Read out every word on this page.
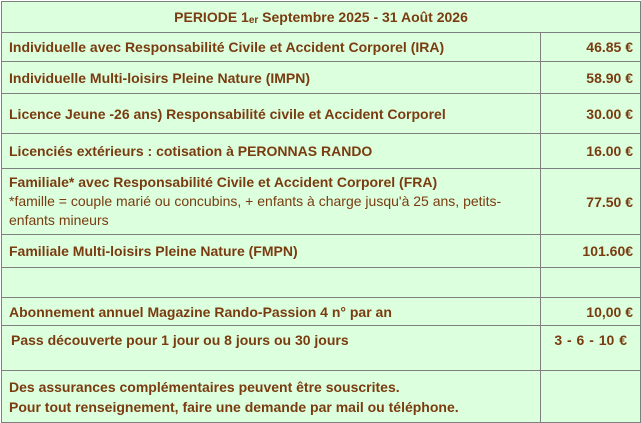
PERIODE $1_{er}$ Septembre 2025 - 31 Août 2026	
Individuelle avec Responsabilité Civile et Accident Corporel (IRA)	46.85 €
Individuelle Multi-loisirs Pleine Nature (IMPN)	58.90 €
Licence Jeune -26 ans) Responsabilité civile et Accident Corporel	30.00 €
Licenciés extérieurs : cotisation à PERONNAS RANDO	16.00 €

Familiale* avec Responsabilité Civile et Accident Corporel (FRA)
*famille = couple marié ou concubins, + enfants à charge jusqu'à 25 ans, petits-enfants mineurs	77.50 €
Familiale Multi-loisirs Pleine Nature (FMPN)	101.60€

Abonnement annuel Magazine Rando-Passion 4 n° par an	10,00 €
Pass découverte pour 1 jour ou 8 jours ou 30 jours	3 - 6 - 10 €

Des assurances complémentaires peuvent être souscrites.
Pour tout renseignement, faire une demande par mail ou téléphone.	
